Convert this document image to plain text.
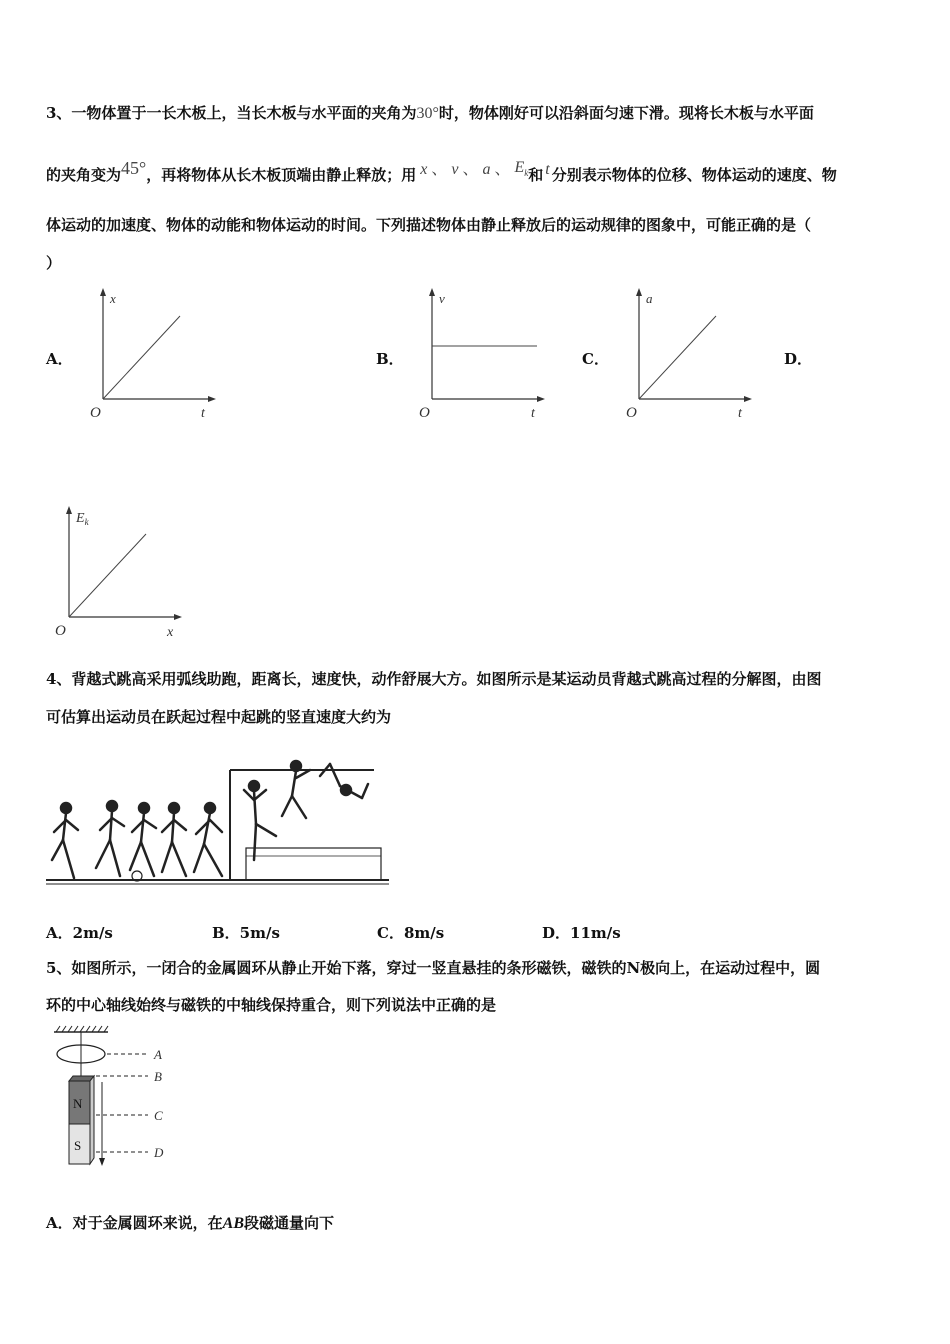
3、一物体置于一长木板上，当长木板与水平面的夹角为30°时，物体刚好可以沿斜面匀速下滑。现将长木板与水平面
的夹角变为45°，再将物体从长木板顶端由静止释放；用 x 、 v 、 a 、 $E^k$和 t 分别表示物体的位移、物体运动的速度、物
体运动的加速度、物体的动能和物体运动的时间。下列描述物体由静止释放后的运动规律的图象中，可能正确的是（
）
A．	B．	C．	D．
x
t
O
v
t
O
a
t
O
$E_k$
x
O
4、背越式跳高采用弧线助跑，距离长，速度快，动作舒展大方。如图所示是某运动员背越式跳高过程的分解图，由图
可估算出运动员在跃起过程中起跳的竖直速度大约为
A．2m/s	B．5m/s	C．8m/s	D．11m/s
5、如图所示，一闭合的金属圆环从静止开始下落，穿过一竖直悬挂的条形磁铁，磁铁的N极向上，在运动过程中，圆
环的中心轴线始终与磁铁的中轴线保持重合，则下列说法中正确的是
N
S
A
B
C
D
A．对于金属圆环来说，在AB段磁通量向下
